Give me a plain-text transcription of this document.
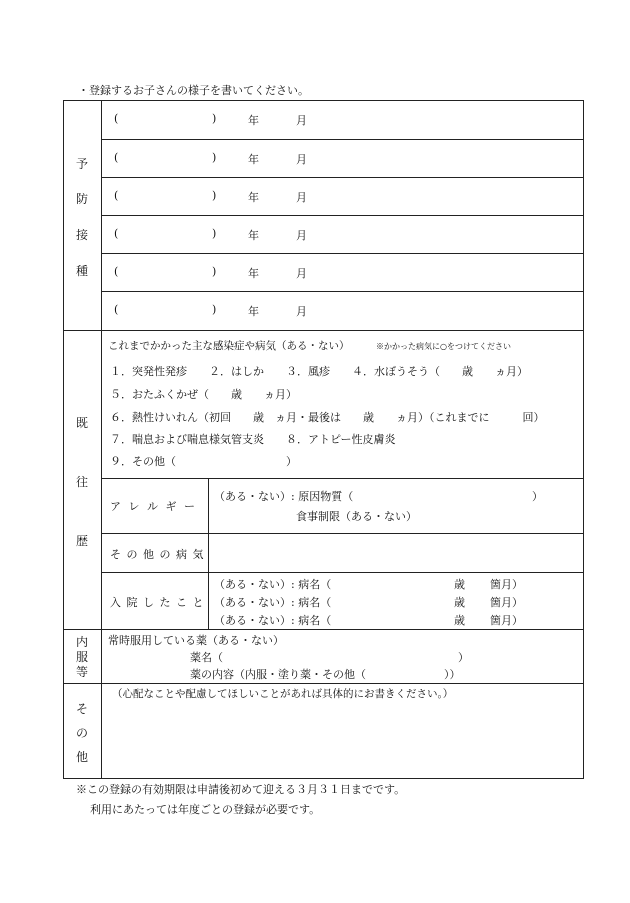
・登録するお子さんの様子を書いてください。
予
防
接
種
(	)	年	月
(	)	年	月
(	)	年	月
(	)	年	月
(	)	年	月
(	)	年	月
既
往
歴
これまでかかった主な感染症や病気（ある・ない）	※かかった病気に○をつけてください
１．突発性発疹　　２．はしか　　３．風疹　　４．水ぼうそう（　　歳　　ヵ月）
５．おたふくかぜ（　　歳　　ヵ月）
６．熱性けいれん（初回　　歳　ヵ月・最後は　　歳　　ヵ月）（これまでに　　　回）
７．喘息および喘息様気管支炎　　８．アトピー性皮膚炎
９．その他（　　　　　　　　　　）
ア レ ル ギ ー
（ある・ない）: 原因物質（	）
食事制限（ある・ない）
そ の 他 の 病 気
入 院 し た こ と
（ある・ない）: 病名（	歳 箇月）
（ある・ない）: 病名（	歳 箇月）
（ある・ない）: 病名（	歳 箇月）
内
服
等
常時服用している薬（ある・ない）
薬名（	）
薬の内容（内服・塗り薬・その他（	））
そ
の
他
（心配なことや配慮してほしいことがあれば具体的にお書きください。）
※この登録の有効期限は申請後初めて迎える３月３１日までです。
利用にあたっては年度ごとの登録が必要です。
